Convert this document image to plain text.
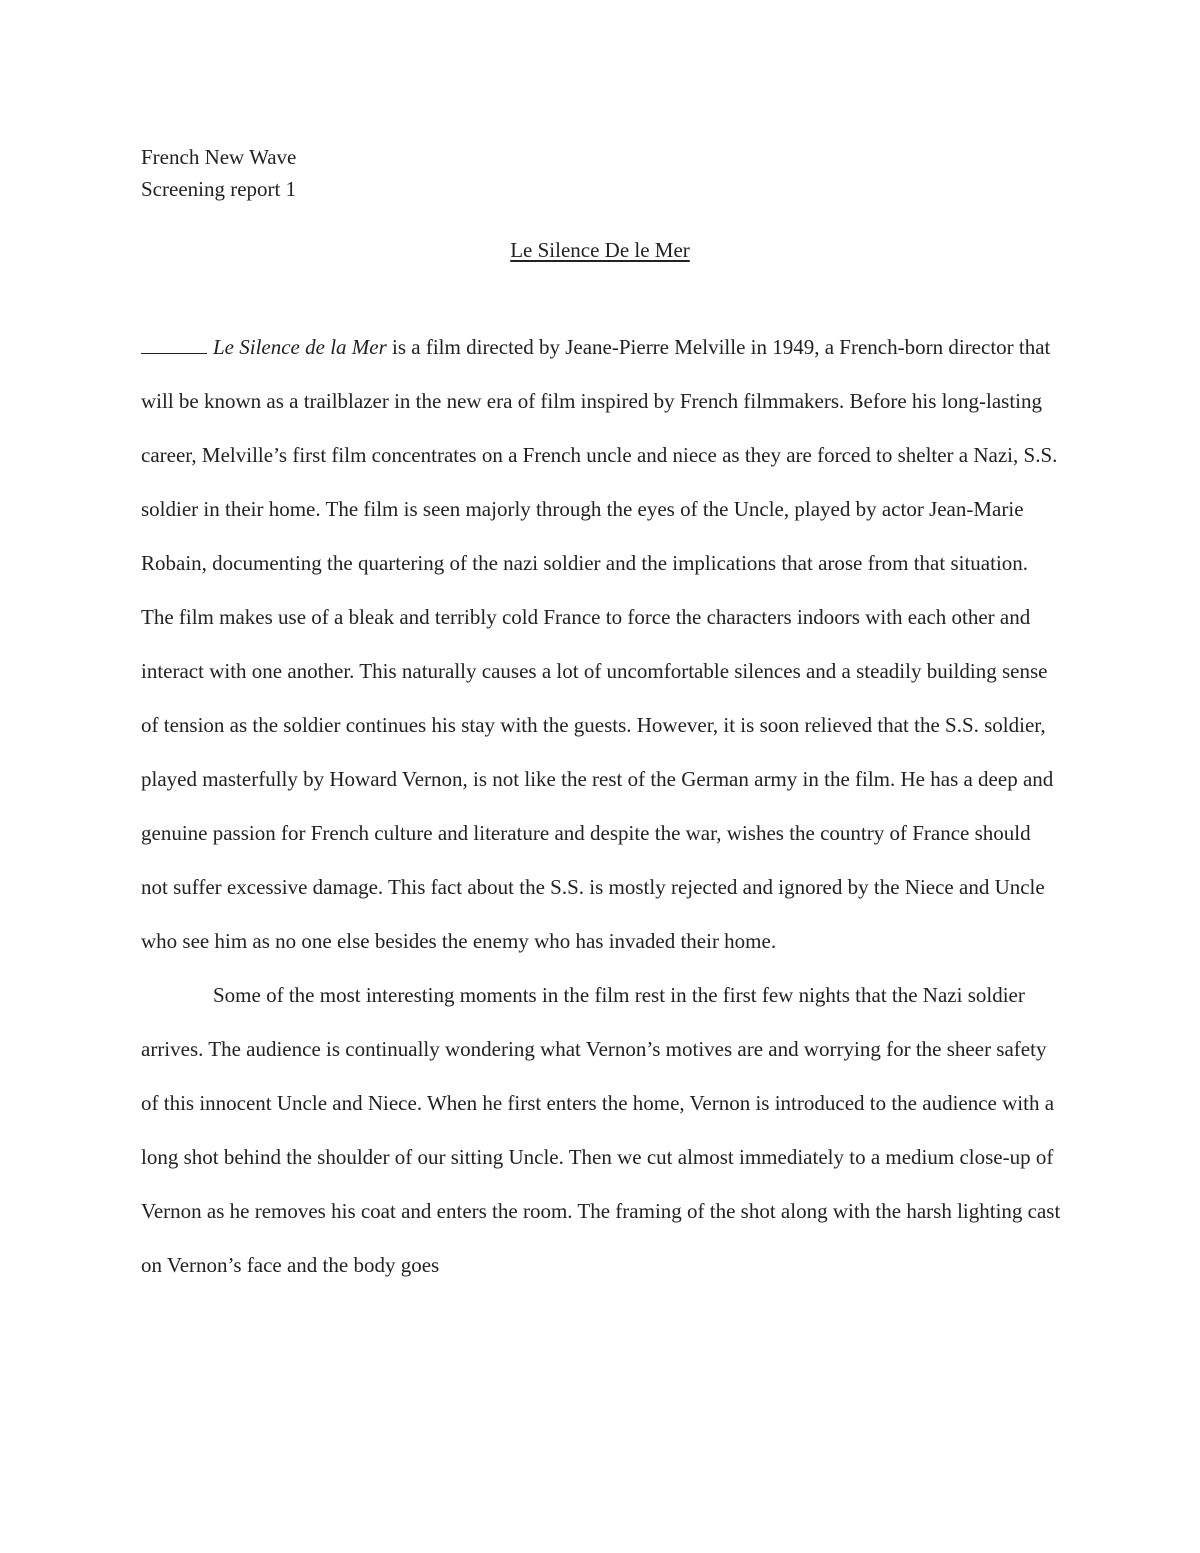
French New Wave
Screening report 1
Le Silence De le Mer

Le Silence de la Mer is a film directed by Jeane-Pierre Melville in 1949, a French-born director that will be known as a trailblazer in the new era of film inspired by French filmmakers. Before his long-lasting career, Melville’s first film concentrates on a French uncle and niece as they are forced to shelter a Nazi, S.S. soldier in their home. The film is seen majorly through the eyes of the Uncle, played by actor Jean-Marie Robain, documenting the quartering of the nazi soldier and the implications that arose from that situation. The film makes use of a bleak and terribly cold France to force the characters indoors with each other and interact with one another. This naturally causes a lot of uncomfortable silences and a steadily building sense of tension as the soldier continues his stay with the guests. However, it is soon relieved that the S.S. soldier, played masterfully by Howard Vernon, is not like the rest of the German army in the film. He has a deep and genuine passion for French culture and literature and despite the war, wishes the country of France should not suffer excessive damage. This fact about the S.S. is mostly rejected and ignored by the Niece and Uncle who see him as no one else besides the enemy who has invaded their home.

Some of the most interesting moments in the film rest in the first few nights that the Nazi soldier arrives. The audience is continually wondering what Vernon’s motives are and worrying for the sheer safety of this innocent Uncle and Niece. When he first enters the home, Vernon is introduced to the audience with a long shot behind the shoulder of our sitting Uncle. Then we cut almost immediately to a medium close-up of Vernon as he removes his coat and enters the room. The framing of the shot along with the harsh lighting cast on Vernon’s face and the body goes
